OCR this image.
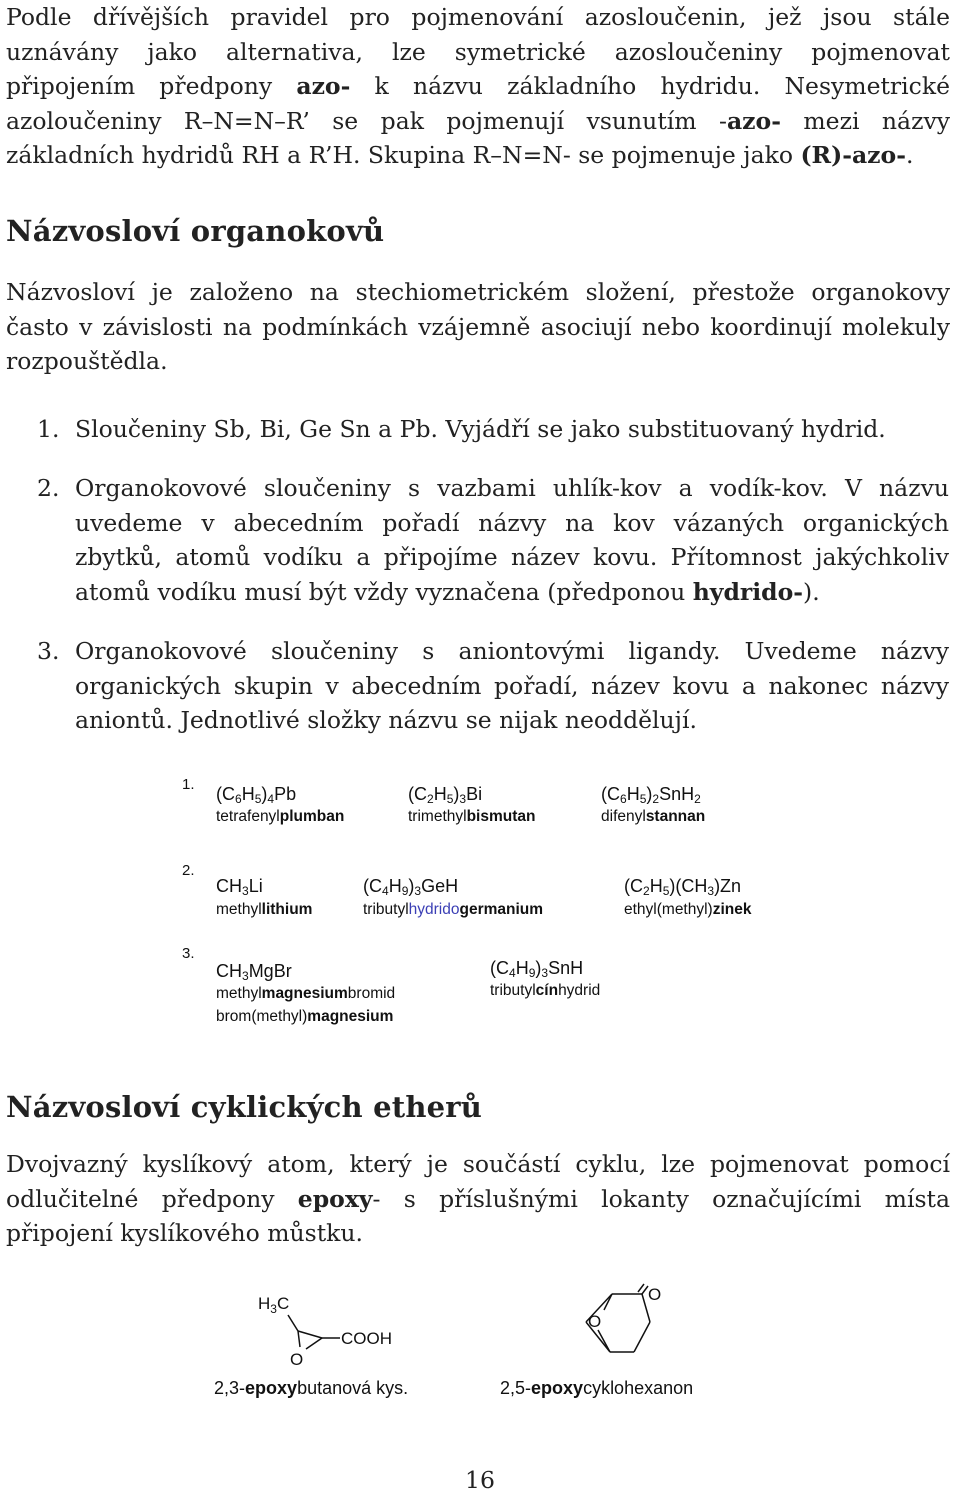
Podle dřívějších pravidel pro pojmenování azosloučenin, jež jsou stále uznávány jako alternativa, lze symetrické azosloučeniny pojmenovat připojením předpony azo- k názvu základního hydridu. Nesymetrické azoloučeniny R–N=N–R’ se pak pojmenují vsunutím -azo- mezi názvy základních hydridů RH a R’H. Skupina R–N=N- se pojmenuje jako (R)-azo-.

Názvosloví organokovů

Názvosloví je založeno na stechiometrickém složení, přestože organokovy často v závislosti na podmínkách vzájemně asociují nebo koordinují molekuly rozpouštědla.

1. Sloučeniny Sb, Bi, Ge Sn a Pb. Vyjádří se jako substituovaný hydrid.

2. Organokovové sloučeniny s vazbami uhlík-kov a vodík-kov. V názvu uvedeme v abecedním pořadí názvy na kov vázaných organických zbytků, atomů vodíku a připojíme název kovu. Přítomnost jakýchkoliv atomů vodíku musí být vždy vyznačena (předponou hydrido-).

3. Organokovové sloučeniny s aniontovými ligandy. Uvedeme názvy organických skupin v abecedním pořadí, název kovu a nakonec názvy aniontů. Jednotlivé složky názvu se nijak neoddělují.

1.
2.
3.
$(C_6H_5)_4Pb$
tetrafenylplumban
$(C_2H_5)_3Bi$
trimethylbismutan
$(C_6H_5)_2SnH_2$
difenylstannan
$CH_3Li$
methyllithium
$(C_4H_9)_3GeH$
tributylhydridogermanium
$(C_2H_5)(CH_3)Zn$
ethyl(methyl)zinek
$CH_3MgBr$
methylmagnesiumbromid
brom(methyl)magnesium
$(C_4H_9)_3SnH$
tributylcínhydrid
Názvosloví cyklických etherů

Dvojvazný kyslíkový atom, který je součástí cyklu, lze pojmenovat pomocí odlučitelné předpony epoxy- s příslušnými lokanty označujícími místa připojení kyslíkového můstku.

$H_3C$
O
COOH
2,3-epoxybutanová kys.
O
O
2,5-epoxycyklohexanon
16
